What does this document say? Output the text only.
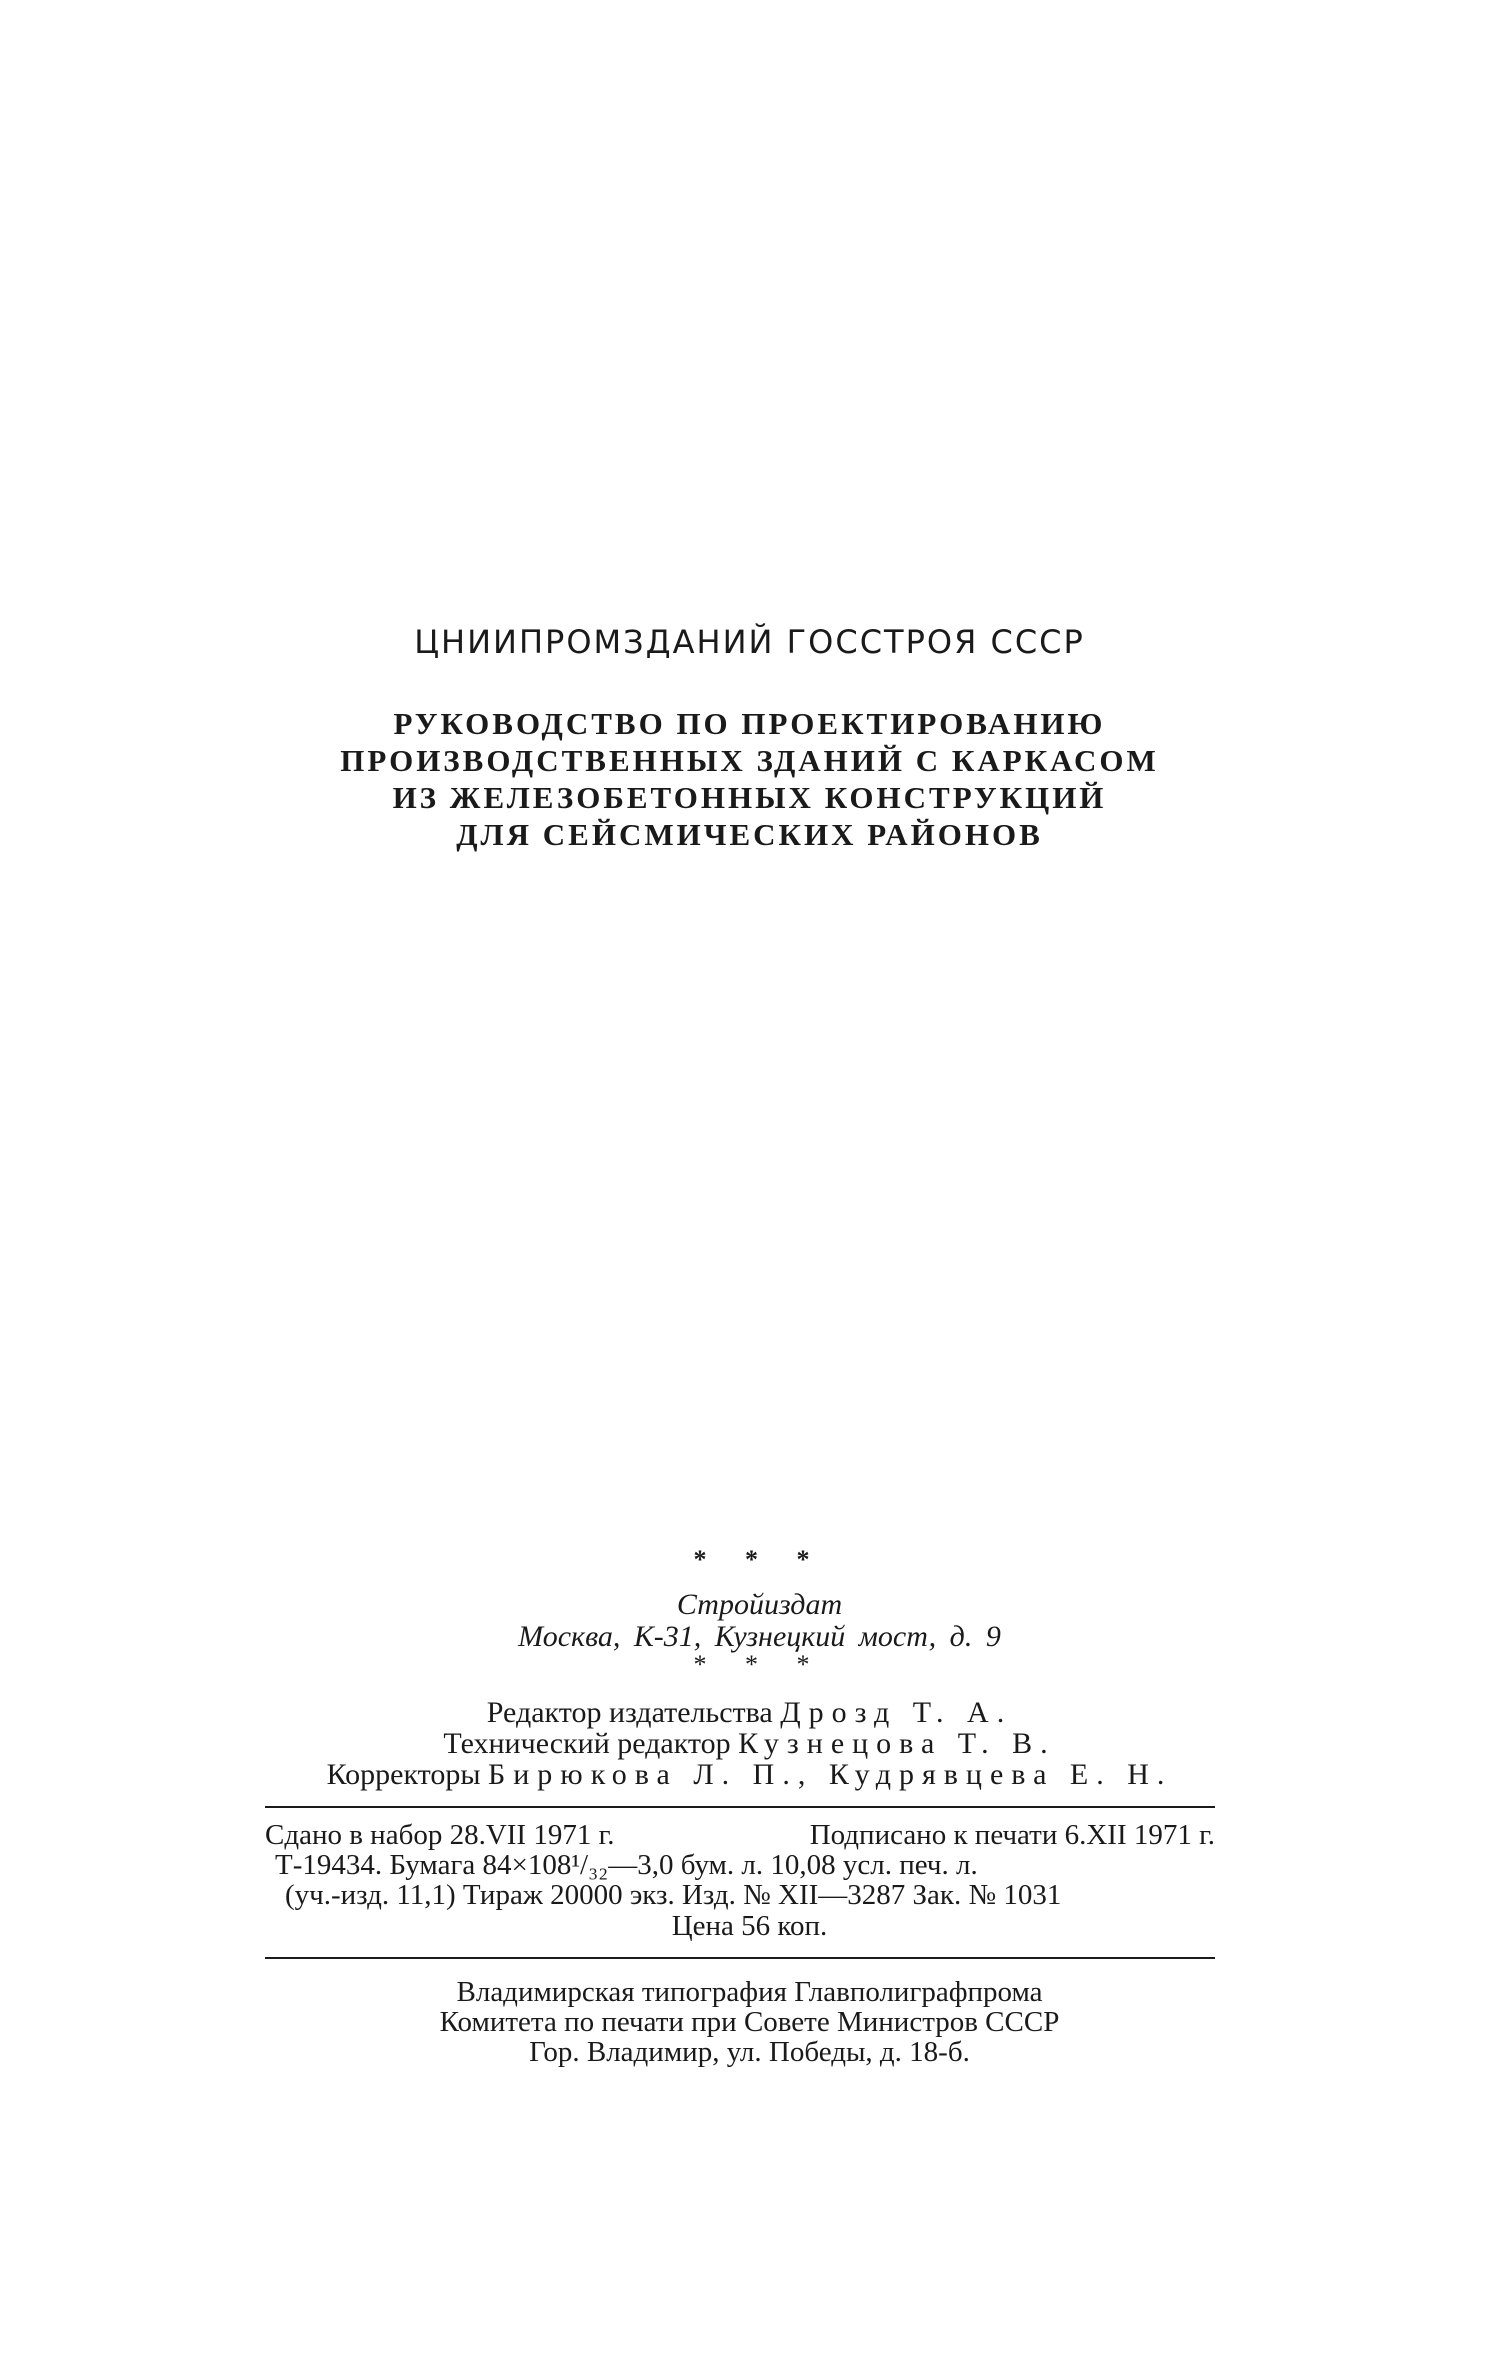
ЦНИИПРОМЗДАНИЙ ГОССТРОЯ СССР
РУКОВОДСТВО ПО ПРОЕКТИРОВАНИЮ
ПРОИЗВОДСТВЕННЫХ ЗДАНИЙ С КАРКАСОМ
ИЗ ЖЕЛЕЗОБЕТОННЫХ КОНСТРУКЦИЙ
ДЛЯ СЕЙСМИЧЕСКИХ РАЙОНОВ
* * *
Стройиздат
Москва, К-31, Кузнецкий мост, д. 9
* * *
Редактор издательства Дрозд Т. А.
Технический редактор Кузнецова Т. В.
Корректоры Бирюкова Л. П., Кудрявцева Е. Н.
Сдано в набор 28.VII 1971 г.	Подписано к печати 6.XII 1971 г.
Т-19434. Бумага 84×108¹/₃₂—3,0 бум. л. 10,08 усл. печ. л.
(уч.-изд. 11,1) Тираж 20000 экз. Изд. № XII—3287 Зак. № 1031
Цена 56 коп.
Владимирская типография Главполиграфпрома
Комитета по печати при Совете Министров СССР
Гор. Владимир, ул. Победы, д. 18-б.
